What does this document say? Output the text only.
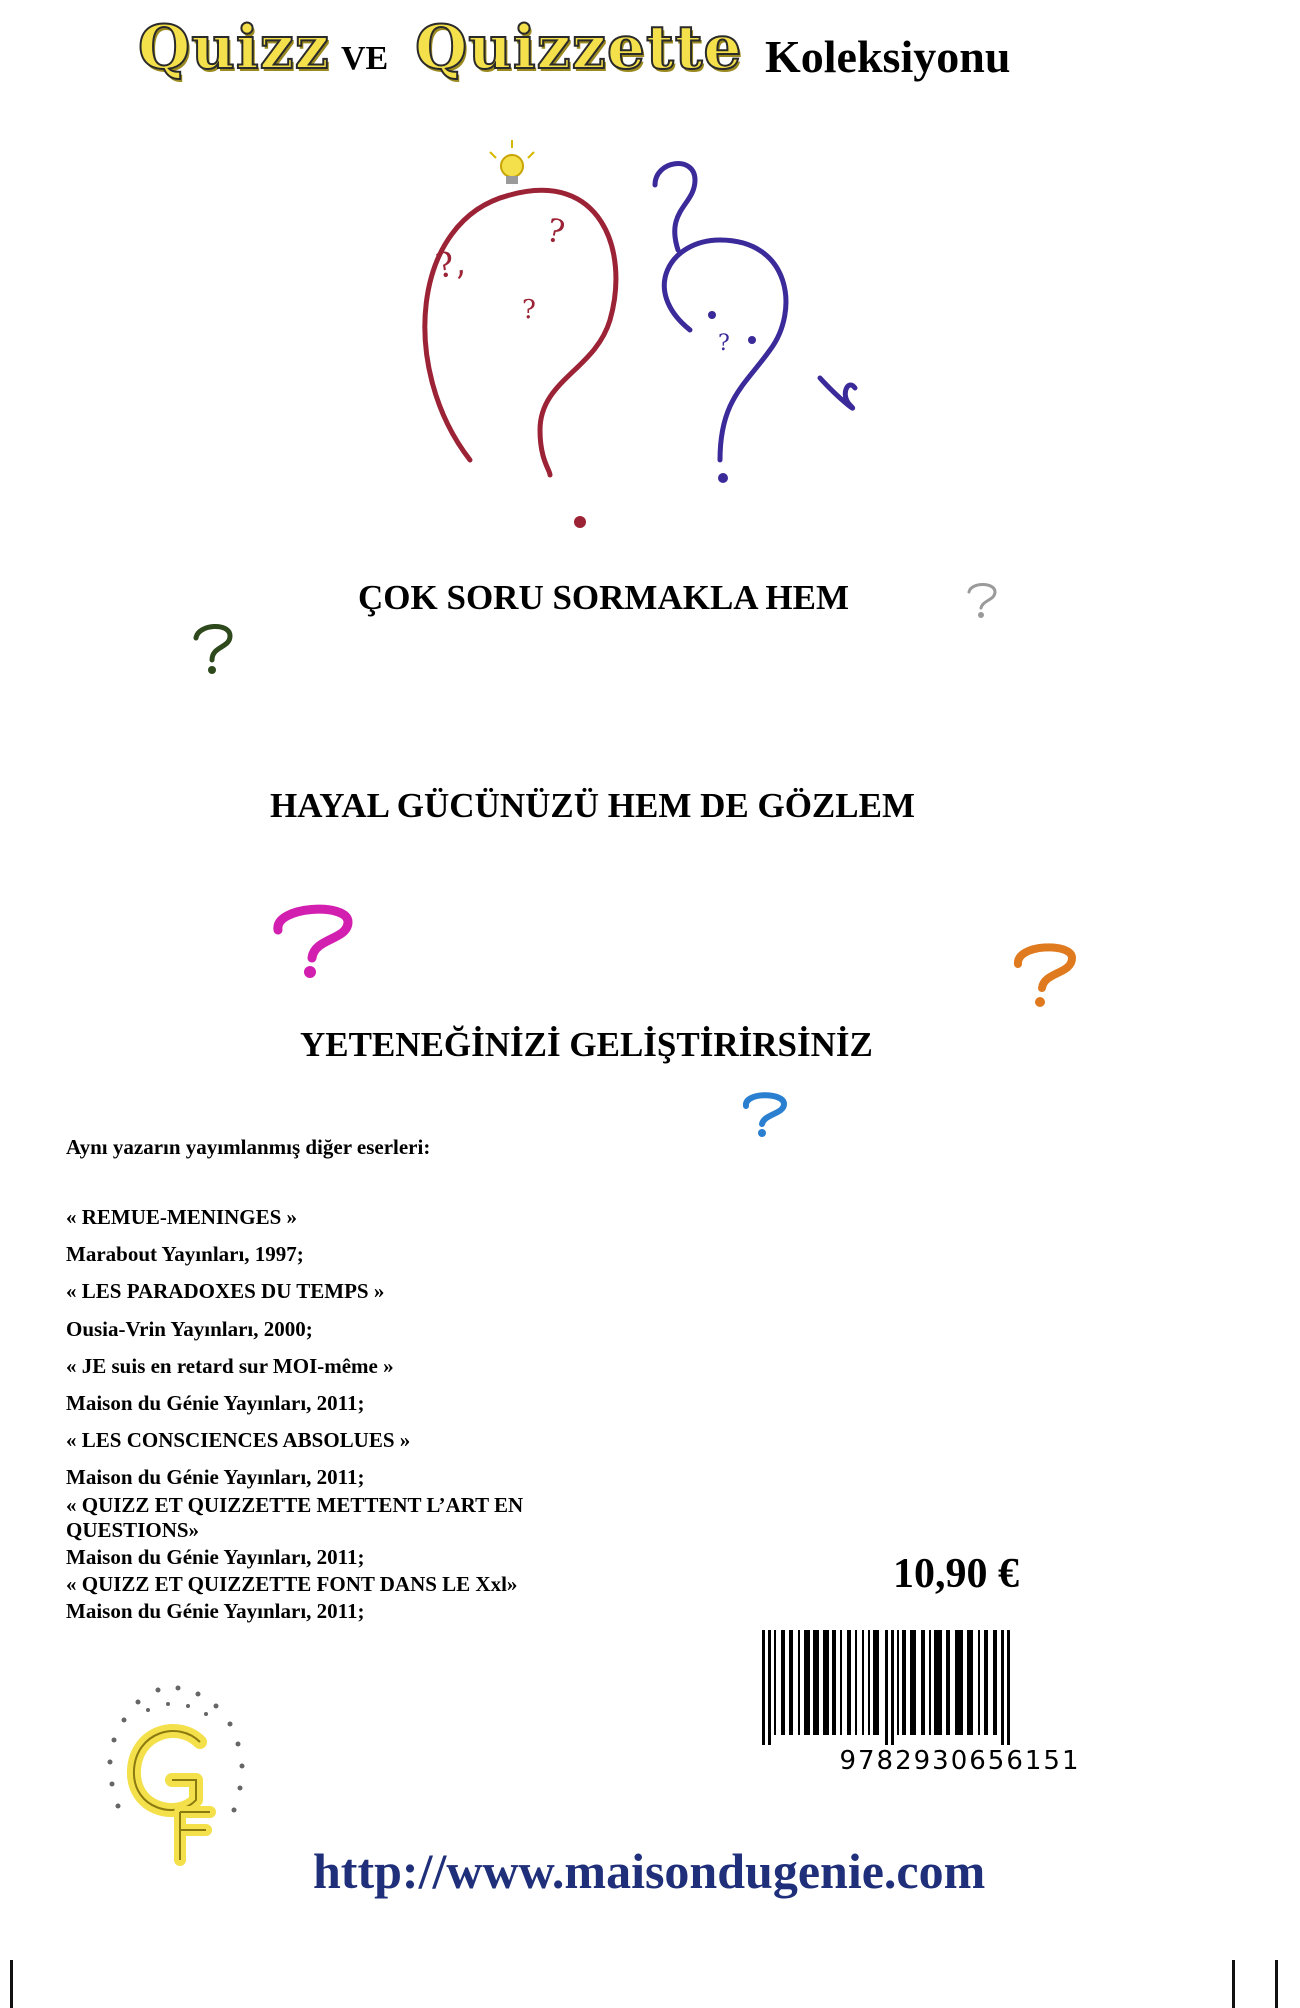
Quizz VE Quizzette Koleksiyonu
?,
?
?
?
ÇOK SORU SORMAKLA HEM
HAYAL GÜCÜNÜZÜ HEM DE GÖZLEM
YETENEĞİNİZİ GELİŞTİRİRSİNİZ
Aynı yazarın yayımlanmış diğer eserleri:
« REMUE-MENINGES »
Marabout Yayınları, 1997;
« LES PARADOXES DU TEMPS »
Ousia-Vrin Yayınları, 2000;
« JE suis en retard sur MOI-même »
Maison du Génie Yayınları, 2011;
« LES CONSCIENCES ABSOLUES »
Maison du Génie Yayınları, 2011;
« QUIZZ ET QUIZZETTE METTENT L’ART EN QUESTIONS»
Maison du Génie Yayınları, 2011;
« QUIZZ ET QUIZZETTE FONT DANS LE Xxl»
Maison du Génie Yayınları, 2011;
10,90 €
9782930656151
http://www.maisondugenie.com
